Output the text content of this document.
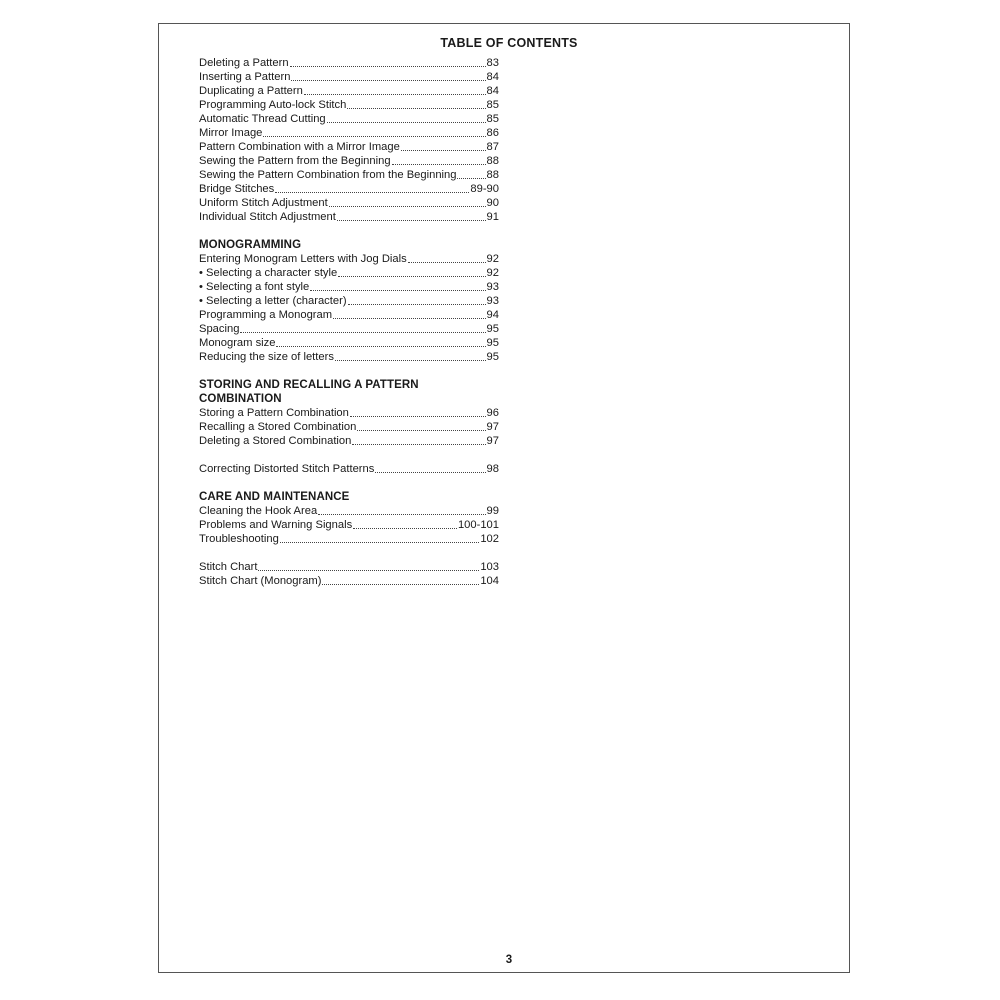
TABLE OF CONTENTS
Deleting a Pattern	83
Inserting a Pattern	84
Duplicating a Pattern	84
Programming Auto-lock Stitch	85
Automatic Thread Cutting	85
Mirror Image	86
Pattern Combination with a Mirror Image	87
Sewing the Pattern from the Beginning	88
Sewing the Pattern Combination from the Beginning	88
Bridge Stitches	89-90
Uniform Stitch Adjustment	90
Individual Stitch Adjustment	91
MONOGRAMMING
Entering Monogram Letters with Jog Dials	92
• Selecting a character style	92
• Selecting a font style	93
• Selecting a letter (character)	93
Programming a Monogram	94
Spacing	95
Monogram size	95
Reducing the size of letters	95
STORING AND RECALLING A PATTERN COMBINATION
Storing a Pattern Combination	96
Recalling a Stored Combination	97
Deleting a Stored Combination	97
Correcting Distorted Stitch Patterns	98
CARE AND MAINTENANCE
Cleaning the Hook Area	99
Problems and Warning Signals	100-101
Troubleshooting	102
Stitch Chart	103
Stitch Chart (Monogram)	104
3
